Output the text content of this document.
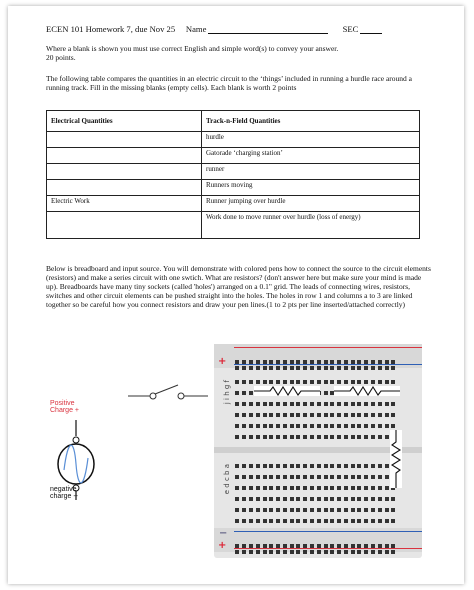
ECEN 101 Homework 7, due Nov 25 Name	SEC
Where a blank is shown you must use correct English and simple word(s) to convey your answer.
20 points.
The following table compares the quantities in an electric circuit to the ‘things’ included in running a hurdle race around a running track. Fill in the missing blanks (empty cells). Each blank is worth 2 points
Electrical Quantities	Track-n-Field Quantities
	hurdle
	Gatorade ‘charging station’
	runner
	Runners moving
Electric Work	Runner jumping over hurdle
	Work done to move runner over hurdle (loss of energy)
Below is breadboard and input source. You will demonstrate with colored pens how to connect the source to the circuit elements (resistors) and make a series circuit with one swtich. What are resistors? (don't answer here but make sure your mind is made up). Breadboards have many tiny sockets (called 'holes') arranged on a 0.1" grid. The leads of connecting wires, resistors, switches and other circuit elements can be pushed straight into the holes. The holes in row 1 and columns a to 3 are linked together so be careful how you connect resistors and draw your pen lines.(1 to 2 pts per line inserted/attached correctly)
Positive
Charge +
negative
charge --
+
j i h g f
e d c b a
−
+
